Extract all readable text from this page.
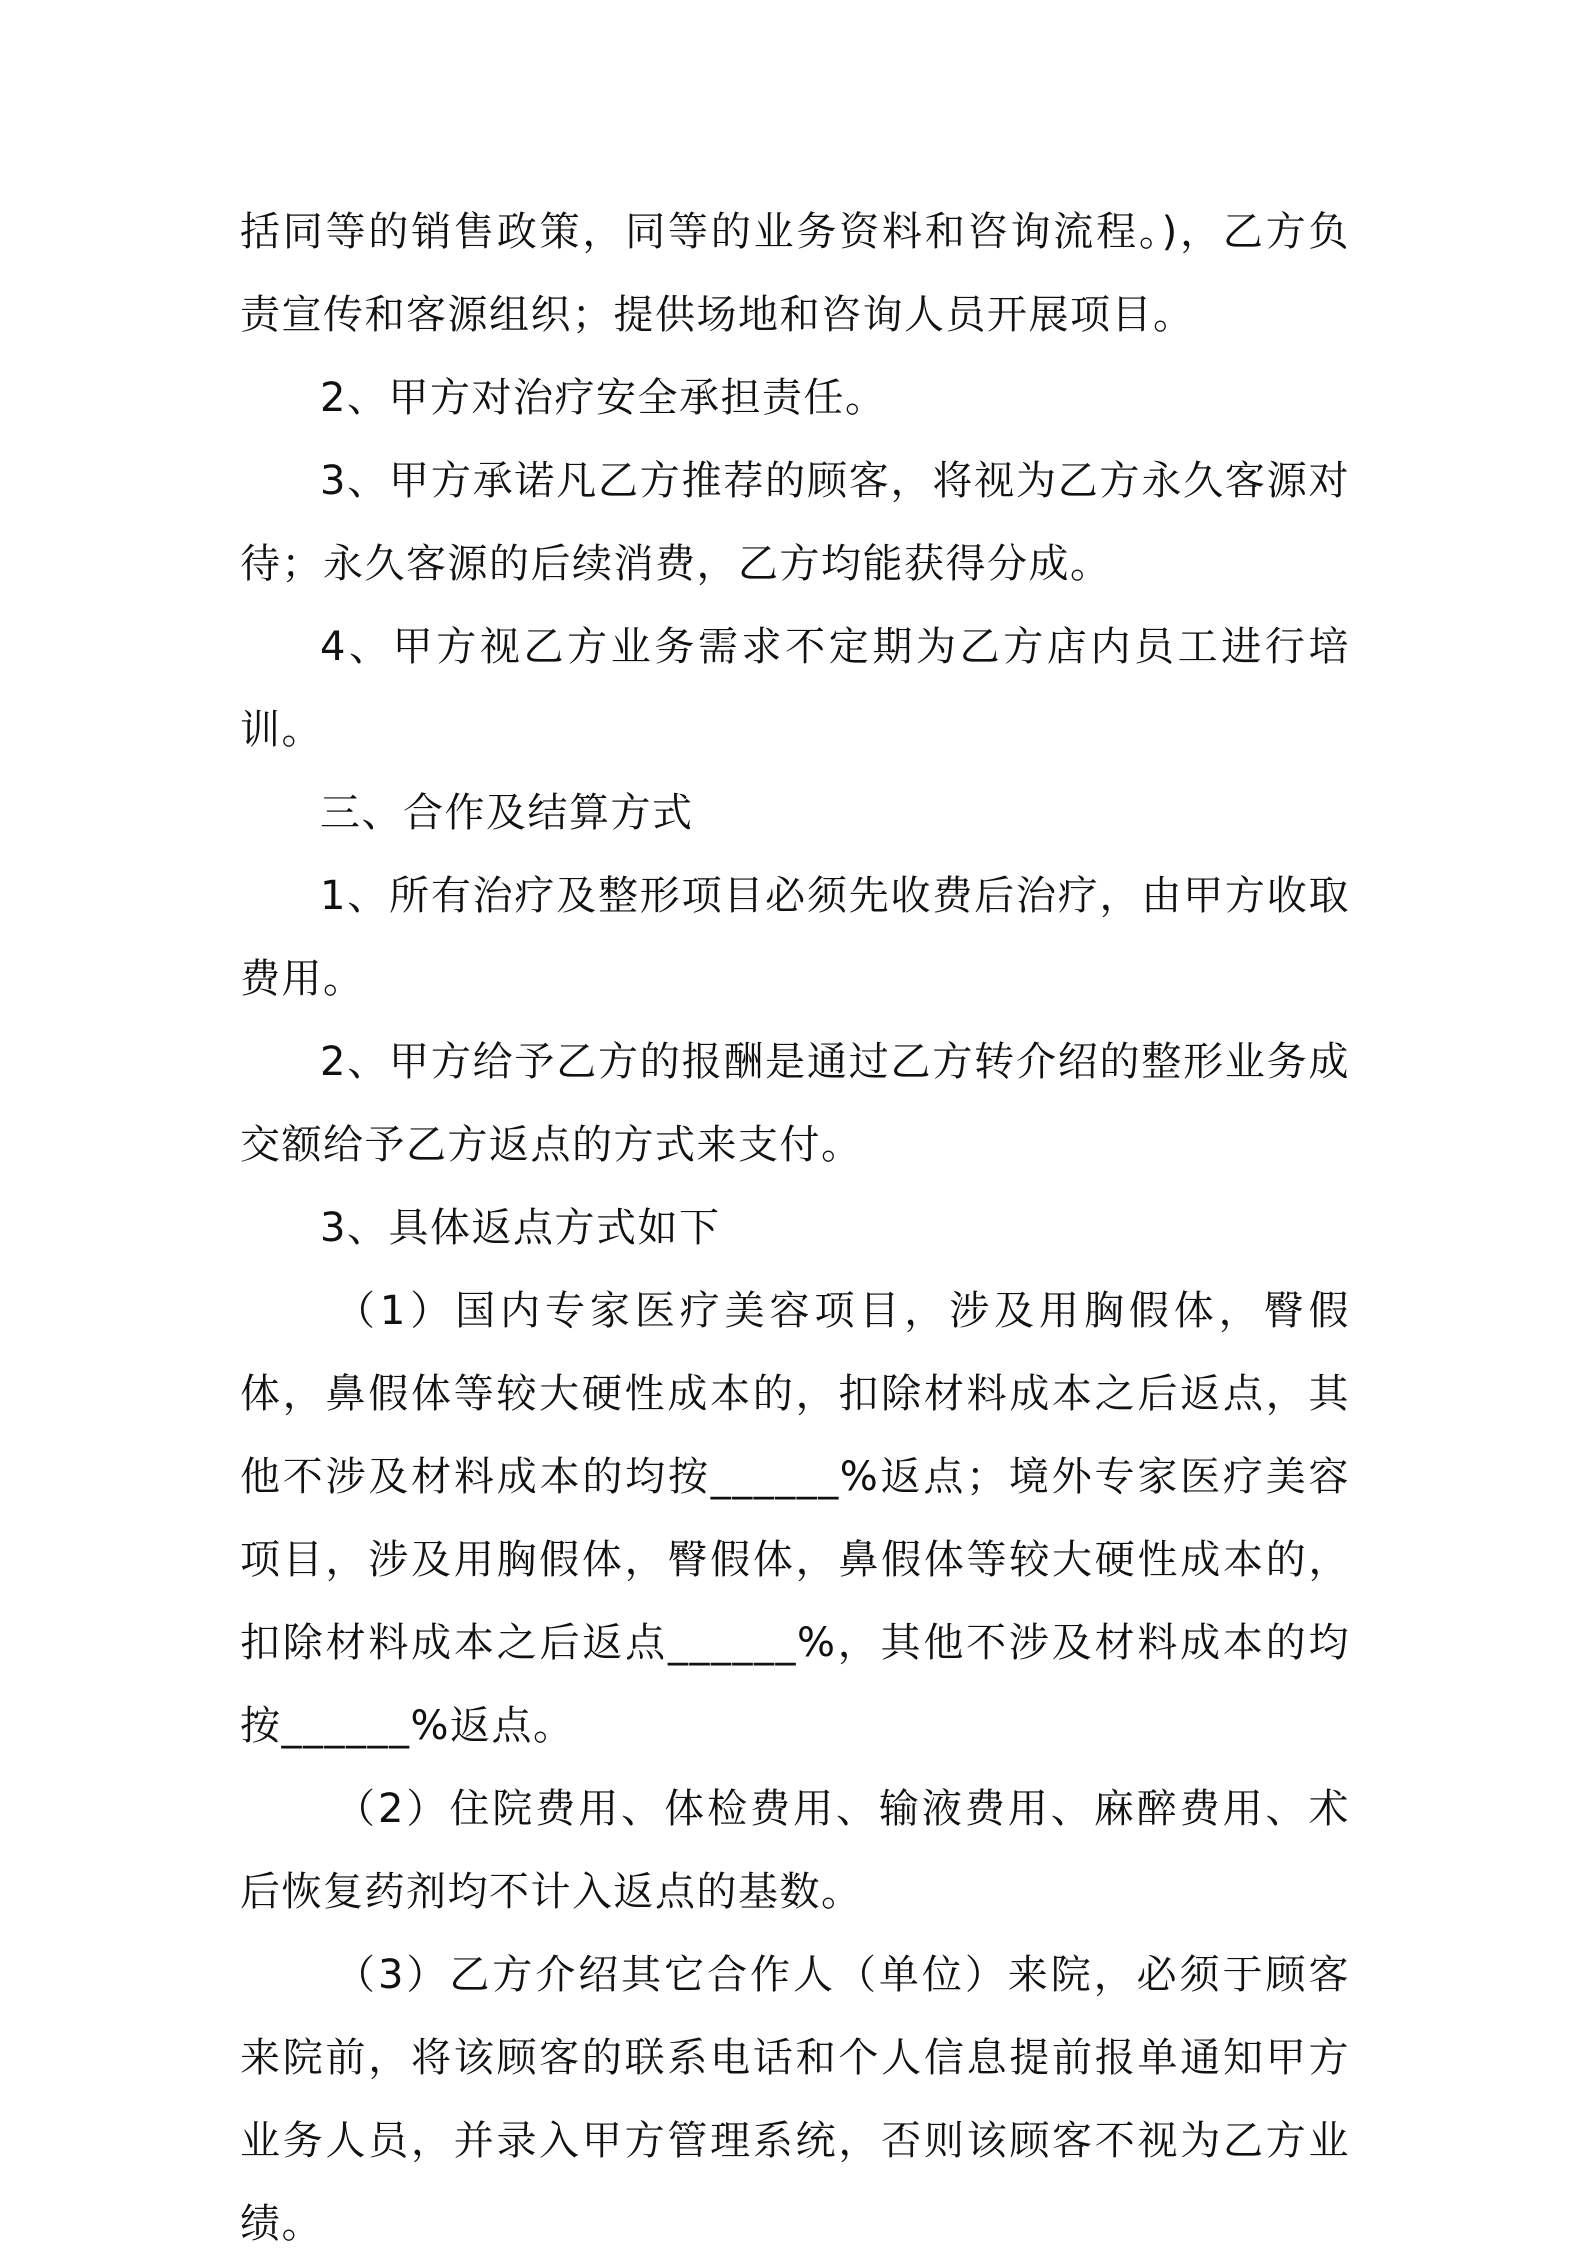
括同等的销售政策，同等的业务资料和咨询流程。)，乙方负责宣传和客源组织；提供场地和咨询人员开展项目。

2、甲方对治疗安全承担责任。

3、甲方承诺凡乙方推荐的顾客，将视为乙方永久客源对待；永久客源的后续消费，乙方均能获得分成。

4、甲方视乙方业务需求不定期为乙方店内员工进行培训。

三、合作及结算方式

1、所有治疗及整形项目必须先收费后治疗，由甲方收取费用。

2、甲方给予乙方的报酬是通过乙方转介绍的整形业务成交额给予乙方返点的方式来支付。

3、具体返点方式如下

（1）国内专家医疗美容项目，涉及用胸假体，臀假体，鼻假体等较大硬性成本的，扣除材料成本之后返点，其他不涉及材料成本的均按______%返点；境外专家医疗美容项目，涉及用胸假体，臀假体，鼻假体等较大硬性成本的，扣除材料成本之后返点______%，其他不涉及材料成本的均按______%返点。

（2）住院费用、体检费用、输液费用、麻醉费用、术后恢复药剂均不计入返点的基数。

（3）乙方介绍其它合作人（单位）来院，必须于顾客来院前，将该顾客的联系电话和个人信息提前报单通知甲方业务人员，并录入甲方管理系统，否则该顾客不视为乙方业绩。
